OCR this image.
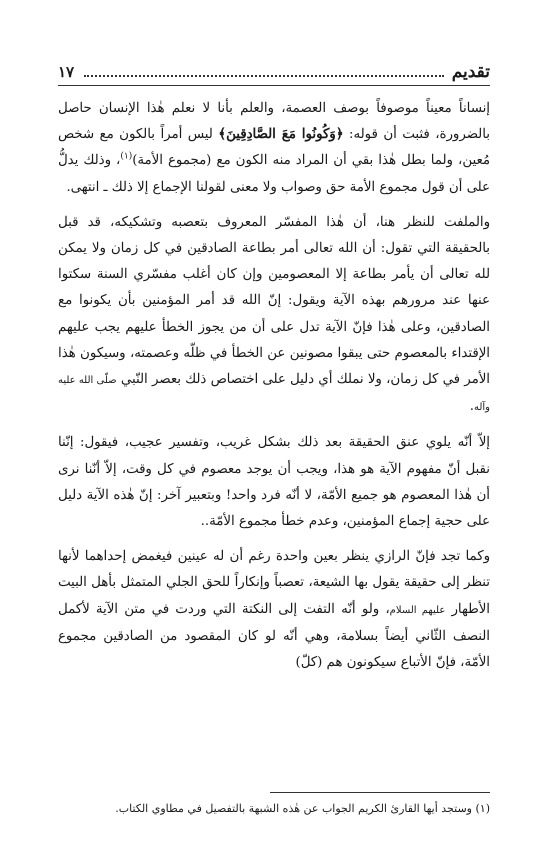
تقديم
١٧

إنساناً معيناً موصوفاً بوصف العصمة، والعلم بأنا لا نعلم هٰذا الإنسان حاصل بالضرورة، فثبت أن قوله: ﴿وَكُونُوا مَعَ الصَّادِقِينَ﴾ ليس أمراً بالكون مع شخص مُعين، ولما بطل هٰذا بقي أن المراد منه الكون مع (مجموع الأمة)$^{(١)}$، وذلك يدلُّ على أن قول مجموع الأمة حق وصواب ولا معنى لقولنا الإجماع إلا ذلك ـ انتهى.

والملفت للنظر هنا، أن هٰذا المفسّر المعروف بتعصبه وتشكيكه، قد قبل بالحقيقة التي تقول: أن الله تعالى أمر بطاعة الصادقين في كل زمان ولا يمكن لله تعالى أن يأمر بطاعة إلا المعصومين وإن كان أغلب مفسّري السنة سكتوا عنها عند مرورهم بهذه الآية ويقول: إنّ الله قد أمر المؤمنين بأن يكونوا مع الصادقين، وعلى هٰذا فإنّ الآية تدل على أن من يجوز الخطأ عليهم يجب عليهم الإقتداء بالمعصوم حتى يبقوا مصونين عن الخطأ في ظلّه وعصمته، وسيكون هٰذا الأمر في كل زمان، ولا نملك أي دليل على اختصاص ذلك بعصر النّبي صلّى الله عليه وآله.

إلاّ أنّه يلوي عنق الحقيقة بعد ذلك بشكل غريب، وتفسير عجيب، فيقول: إنّنا نقبل أنّ مفهوم الآية هو هذا، ويجب أن يوجد معصوم في كل وقت، إلاّ أنّنا نرى أن هٰذا المعصوم هو جميع الأمّة، لا أنّه فرد واحد! وبتعبير آخر: إنّ هٰذه الآية دليل على حجية إجماع المؤمنين، وعدم خطأ مجموع الأمّة..

وكما تجد فإنّ الرازي ينظر بعين واحدة رغم أن له عينين فيغمض إحداهما لأنها تنظر إلى حقيقة يقول بها الشيعة، تعصباً وإنكاراً للحق الجلي المتمثل بأهل البيت الأطهار عليهم السلام، ولو أنّه التفت إلى النكتة التي وردت في متن الآية لأكمل النصف الثّاني أيضاً بسلامة، وهي أنّه لو كان المقصود من الصادقين مجموع الأمّة، فإنّ الأتباع سيكونون هم (كلّ)

(١) وستجد أيها القارئ الكريم الجواب عن هٰذه الشبهة بالتفصيل في مطاوي الكتاب.
